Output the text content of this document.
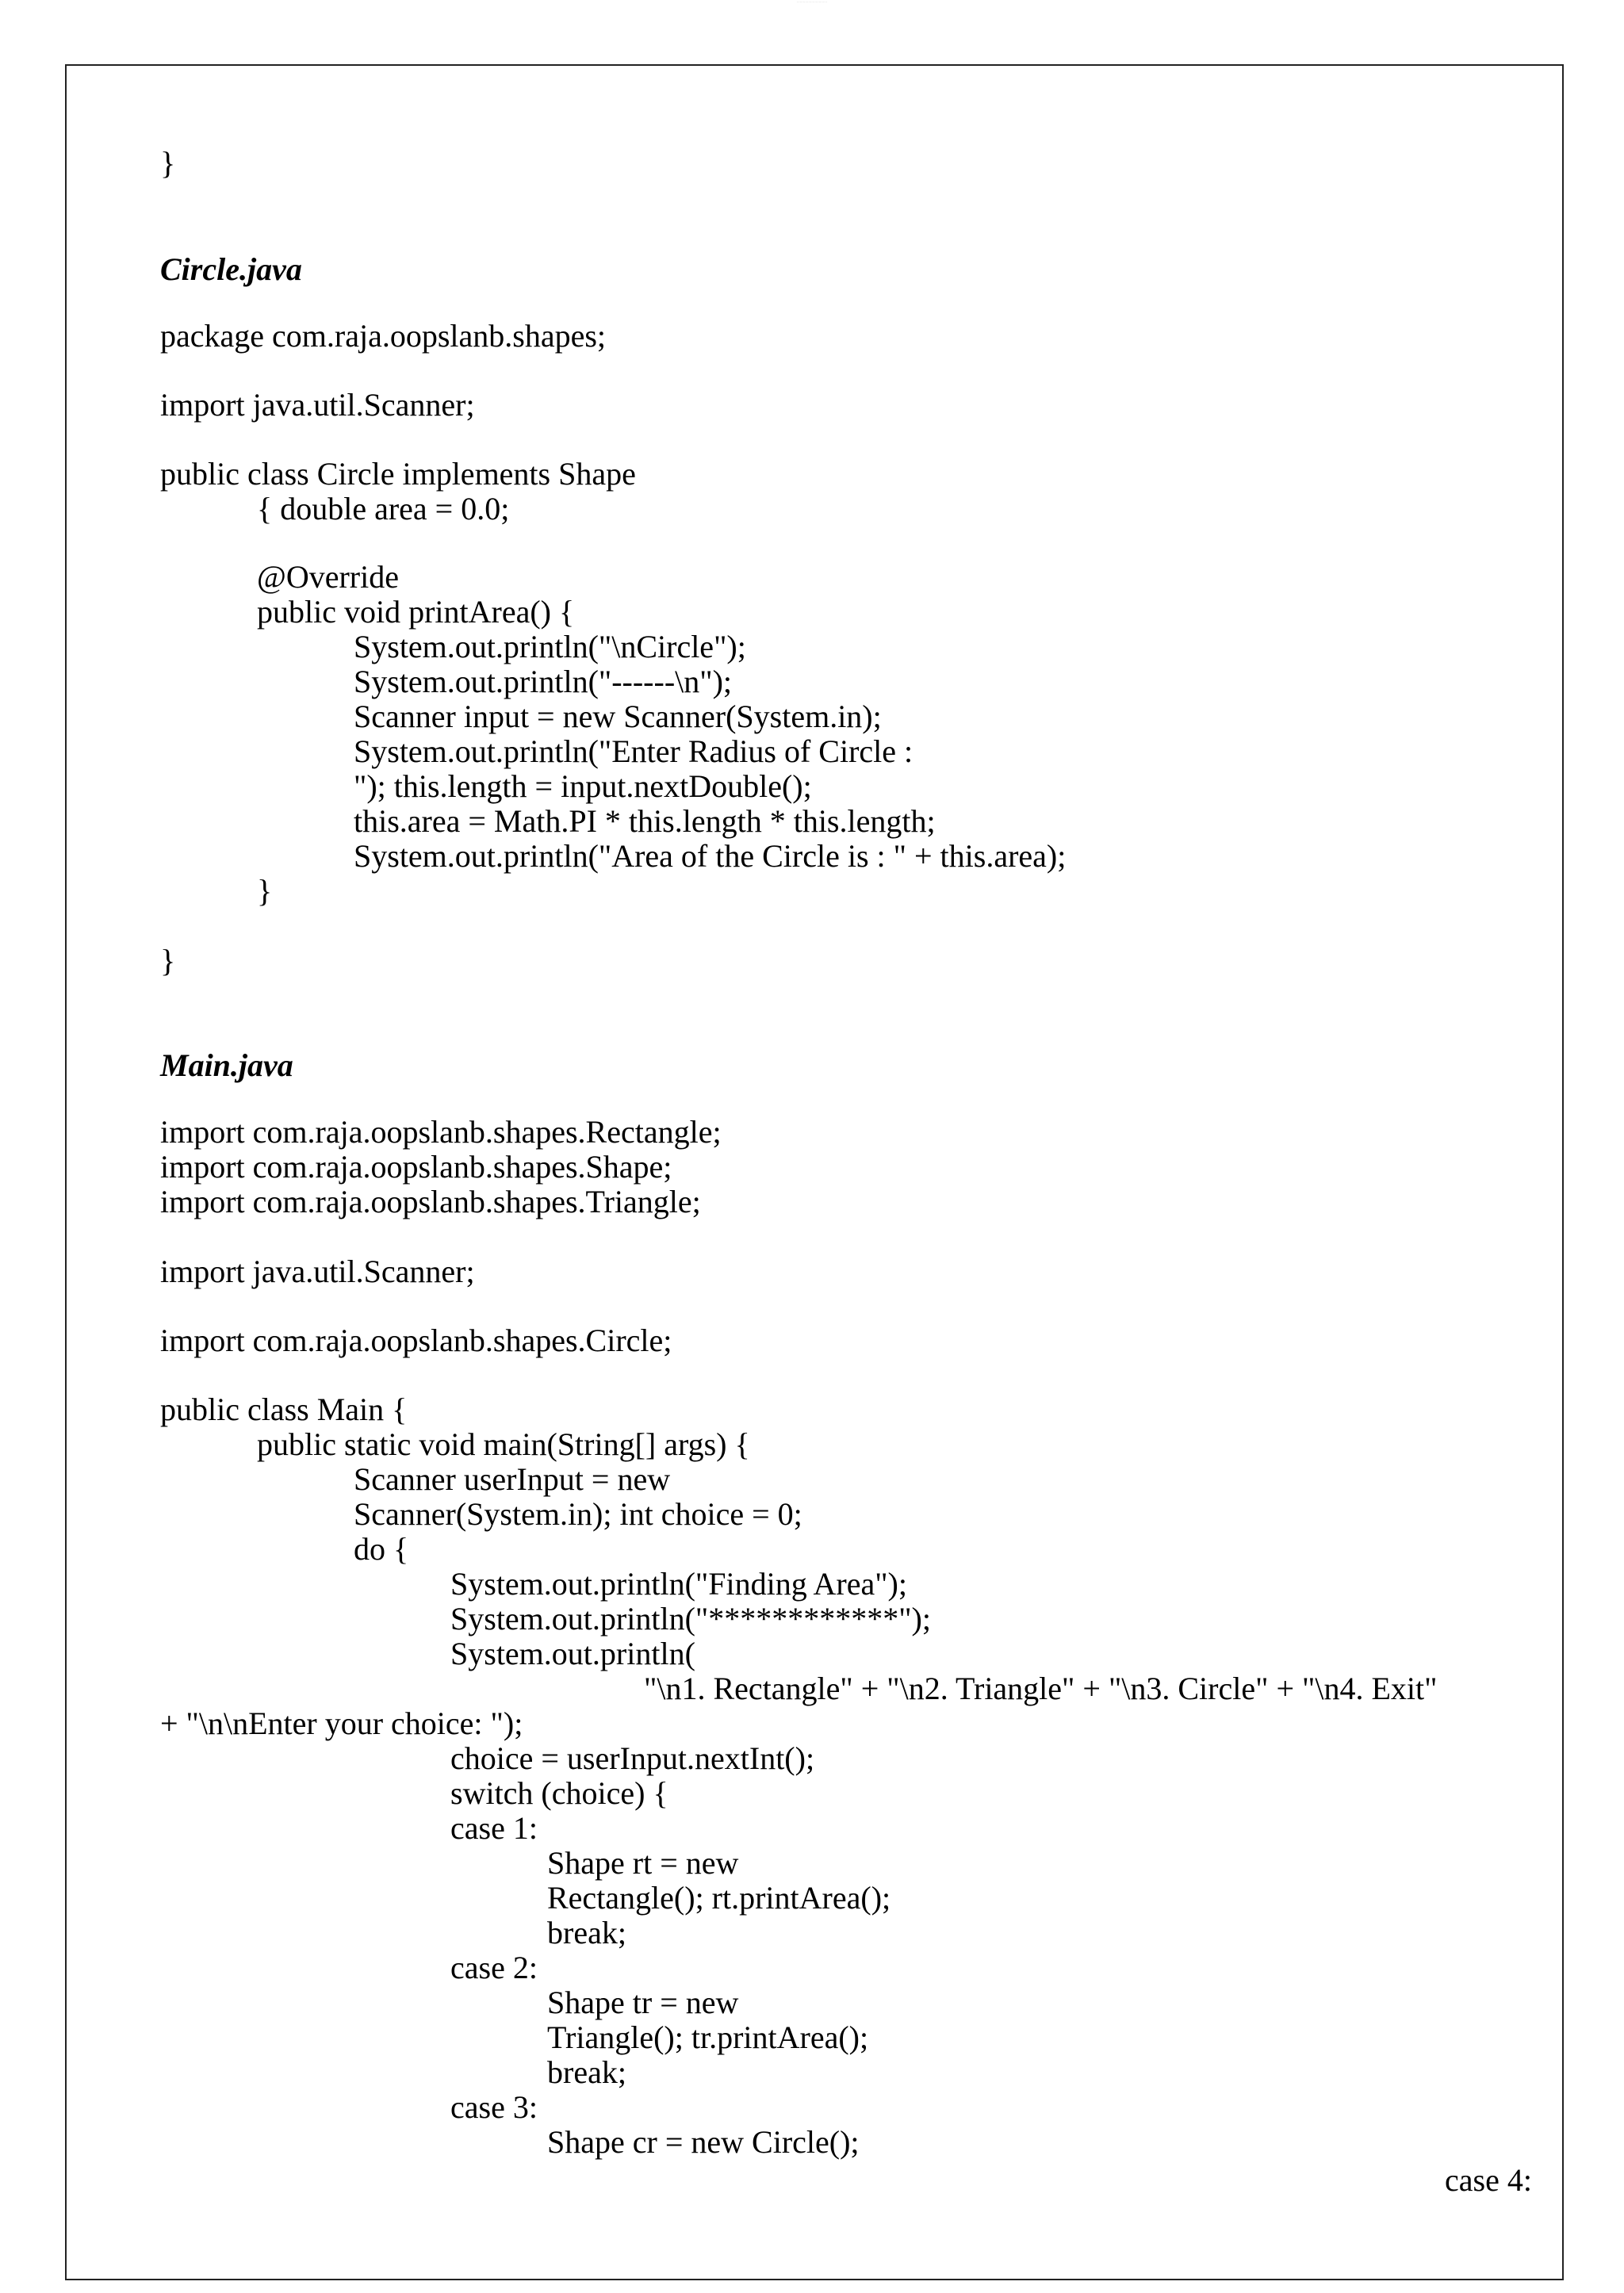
·····························

}

Circle.java

package com.raja.oopslanb.shapes;

import java.util.Scanner;

public class Circle implements Shape

{ double area = 0.0;

@Override

public void printArea() {

System.out.println("\nCircle");

System.out.println("------\n");

Scanner input = new Scanner(System.in);

System.out.println("Enter Radius of Circle :

"); this.length = input.nextDouble();

this.area = Math.PI * this.length * this.length;

System.out.println("Area of the Circle is : " + this.area);

}

}

Main.java

import com.raja.oopslanb.shapes.Rectangle;

import com.raja.oopslanb.shapes.Shape;

import com.raja.oopslanb.shapes.Triangle;

import java.util.Scanner;

import com.raja.oopslanb.shapes.Circle;

public class Main {

public static void main(String[] args) {

Scanner userInput = new

Scanner(System.in); int choice = 0;

do {

System.out.println("Finding Area");

System.out.println("************");

System.out.println(

"\n1. Rectangle" + "\n2. Triangle" + "\n3. Circle" + "\n4. Exit"

+ "\n\nEnter your choice: ");

choice = userInput.nextInt();

switch (choice) {

case 1:

Shape rt = new

Rectangle(); rt.printArea();

break;

case 2:

Shape tr = new

Triangle(); tr.printArea();

break;

case 3:

Shape cr = new Circle();

case 4:
